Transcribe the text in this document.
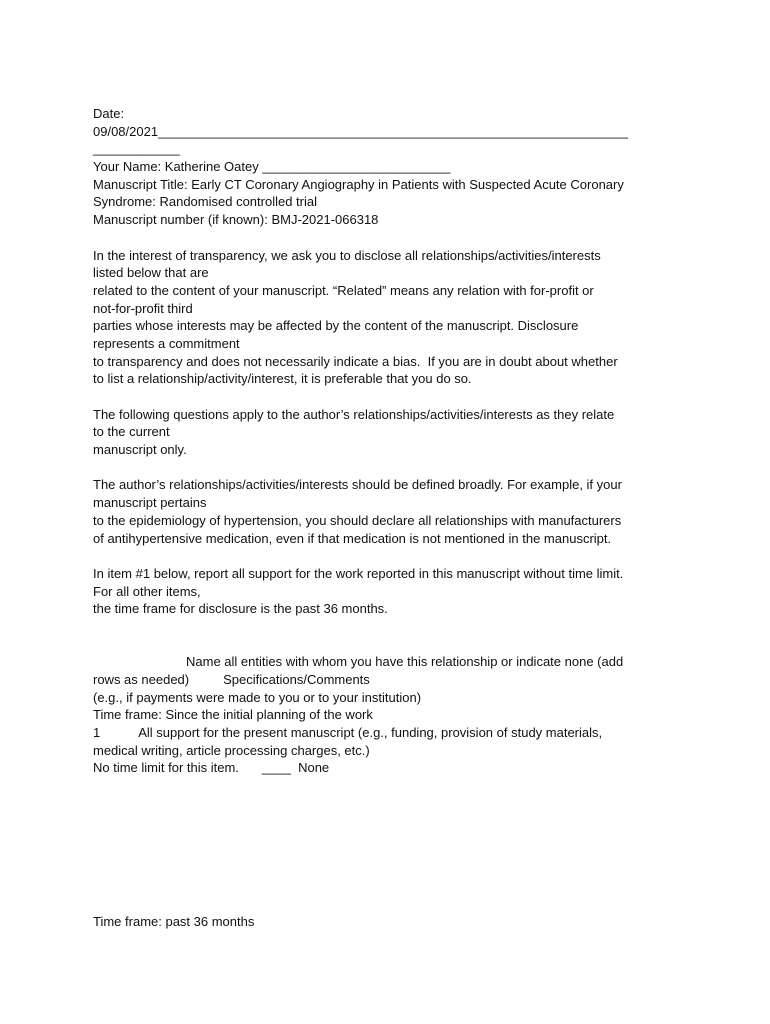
Date:
09/08/2021_________________________________________________________________
____________
Your Name: Katherine Oatey __________________________
Manuscript Title: Early CT Coronary Angiography in Patients with Suspected Acute Coronary
Syndrome: Randomised controlled trial
Manuscript number (if known): BMJ-2021-066318
In the interest of transparency, we ask you to disclose all relationships/activities/interests
listed below that are
related to the content of your manuscript. “Related” means any relation with for-profit or
not-for-profit third
parties whose interests may be affected by the content of the manuscript. Disclosure
represents a commitment
to transparency and does not necessarily indicate a bias.  If you are in doubt about whether
to list a relationship/activity/interest, it is preferable that you do so.
The following questions apply to the author’s relationships/activities/interests as they relate
to the current
manuscript only.
The author’s relationships/activities/interests should be defined broadly. For example, if your
manuscript pertains
to the epidemiology of hypertension, you should declare all relationships with manufacturers
of antihypertensive medication, even if that medication is not mentioned in the manuscript.
In item #1 below, report all support for the work reported in this manuscript without time limit.
For all other items,
the time frame for disclosure is the past 36 months.
Name all entities with whom you have this relationship or indicate none (add
rows as needed)	Specifications/Comments
(e.g., if payments were made to you or to your institution)
Time frame: Since the initial planning of the work
1	All support for the present manuscript (e.g., funding, provision of study materials,
medical writing, article processing charges, etc.)
No time limit for this item. ____ None
Time frame: past 36 months
